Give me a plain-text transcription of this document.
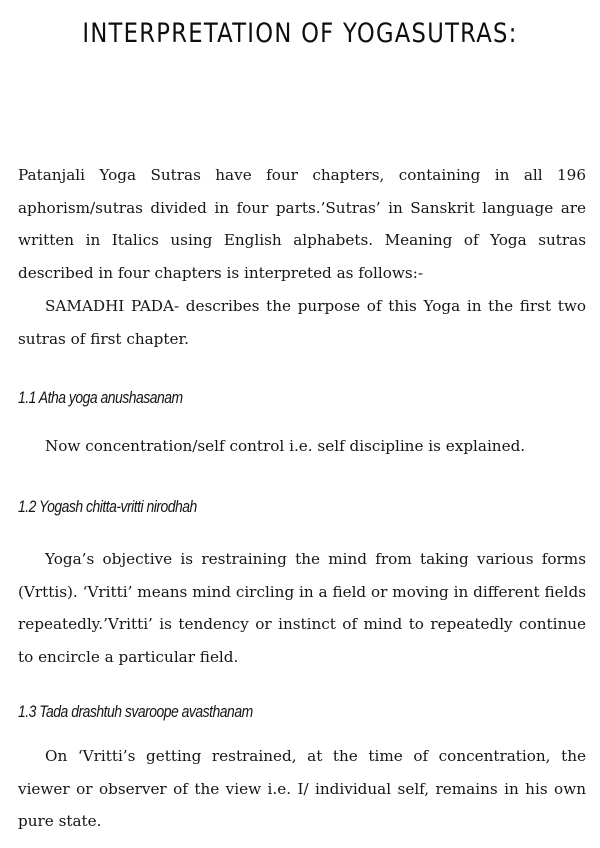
INTERPRETATION OF YOGASUTRAS:

Patanjali Yoga Sutras have four chapters, containing in all 196 aphorism/sutras divided in four parts.’Sutras’ in Sanskrit language are written in Italics using English alphabets. Meaning of Yoga sutras described in four chapters is interpreted as follows:-

SAMADHI PADA- describes the purpose of this Yoga in the first two sutras of first chapter.

1.1 Atha yoga anushasanam

Now concentration/self control i.e. self discipline is explained.

1.2 Yogash chitta-vritti nirodhah

Yoga’s objective is restraining the mind from taking various forms (Vrttis). ‘Vritti’ means mind circling in a field or moving in different fields repeatedly.’Vritti’ is tendency or instinct of mind to repeatedly continue to encircle a particular field.

1.3 Tada drashtuh svaroope avasthanam

On ‘Vritti’s getting restrained, at the time of concentration, the viewer or observer of the view i.e. I/ individual self, remains in his own pure state.
